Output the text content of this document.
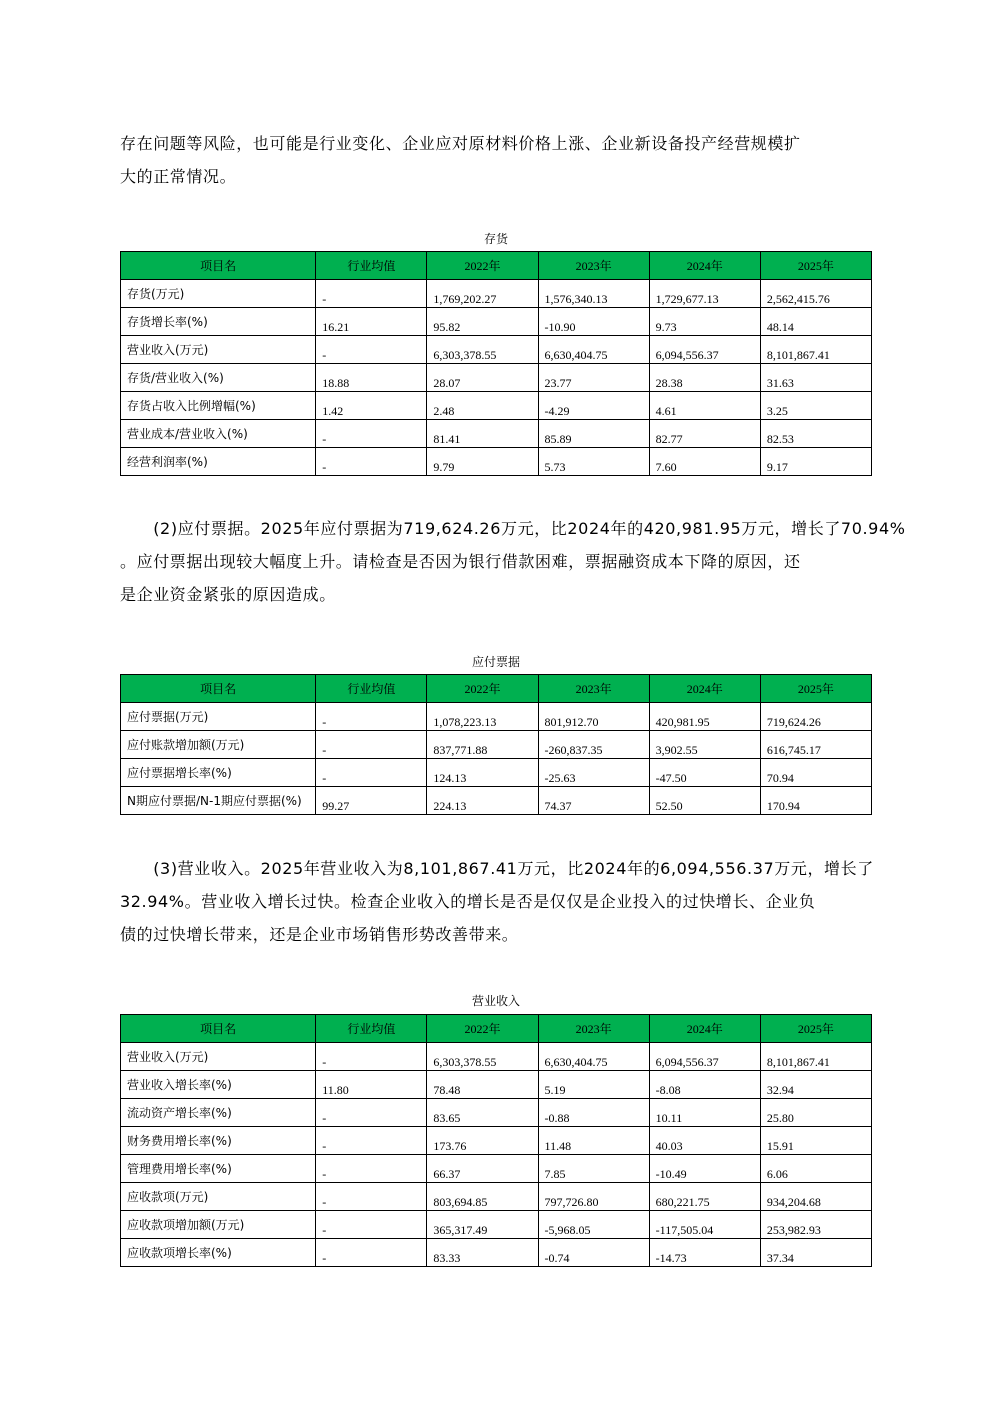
存在问题等风险，也可能是行业变化、企业应对原材料价格上涨、企业新设备投产经营规模扩

大的正常情况。

存货
项目名	行业均值	2022年	2023年	2024年	2025年
存货(万元)	-	1,769,202.27	1,576,340.13	1,729,677.13	2,562,415.76
存货增长率(%)	16.21	95.82	-10.90	9.73	48.14
营业收入(万元)	-	6,303,378.55	6,630,404.75	6,094,556.37	8,101,867.41
存货/营业收入(%)	18.88	28.07	23.77	28.38	31.63
存货占收入比例增幅(%)	1.42	2.48	-4.29	4.61	3.25
营业成本/营业收入(%)	-	81.41	85.89	82.77	82.53
经营利润率(%)	-	9.79	5.73	7.60	9.17

　　(2)应付票据。2025年应付票据为719,624.26万元，比2024年的420,981.95万元，增长了70.94%

。应付票据出现较大幅度上升。请检查是否因为银行借款困难，票据融资成本下降的原因，还

是企业资金紧张的原因造成。

应付票据
项目名	行业均值	2022年	2023年	2024年	2025年
应付票据(万元)	-	1,078,223.13	801,912.70	420,981.95	719,624.26
应付账款增加额(万元)	-	837,771.88	-260,837.35	3,902.55	616,745.17
应付票据增长率(%)	-	124.13	-25.63	-47.50	70.94
N期应付票据/N-1期应付票据(%)	99.27	224.13	74.37	52.50	170.94

　　(3)营业收入。2025年营业收入为8,101,867.41万元，比2024年的6,094,556.37万元，增长了

32.94%。营业收入增长过快。检查企业收入的增长是否是仅仅是企业投入的过快增长、企业负

债的过快增长带来，还是企业市场销售形势改善带来。

营业收入
项目名	行业均值	2022年	2023年	2024年	2025年
营业收入(万元)	-	6,303,378.55	6,630,404.75	6,094,556.37	8,101,867.41
营业收入增长率(%)	11.80	78.48	5.19	-8.08	32.94
流动资产增长率(%)	-	83.65	-0.88	10.11	25.80
财务费用增长率(%)	-	173.76	11.48	40.03	15.91
管理费用增长率(%)	-	66.37	7.85	-10.49	6.06
应收款项(万元)	-	803,694.85	797,726.80	680,221.75	934,204.68
应收款项增加额(万元)	-	365,317.49	-5,968.05	-117,505.04	253,982.93
应收款项增长率(%)	-	83.33	-0.74	-14.73	37.34
